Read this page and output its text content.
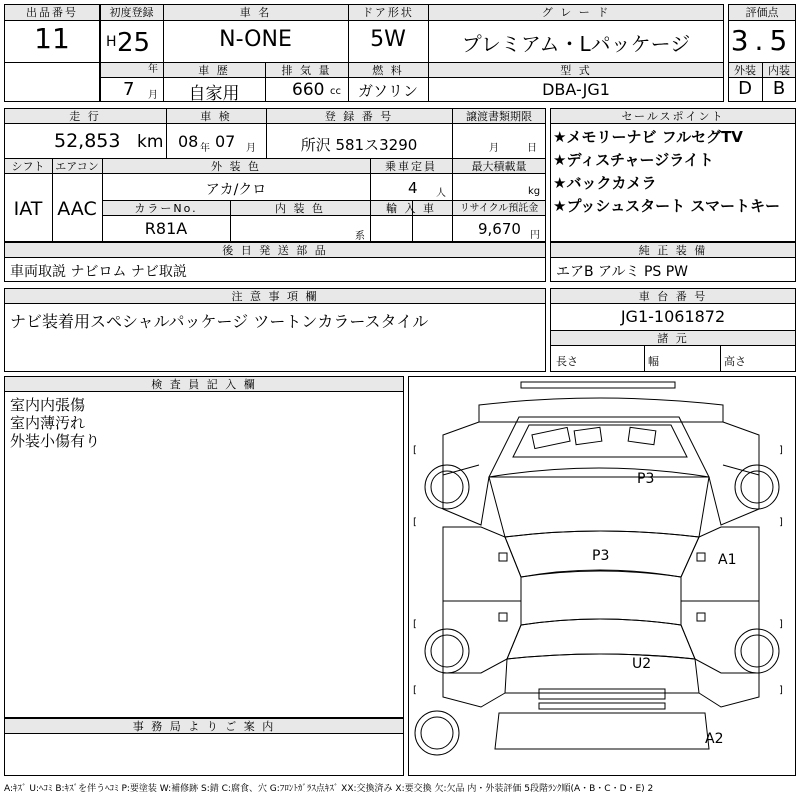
出品番号
11
初度登録
H 25
年
7 月
車 名
N-ONE
ドア形状
5W
グ レ ー ド
プレミアム・Lパッケージ
車 歴
自家用
排 気 量
660 cc
燃 料
ガソリン
型 式
DBA-JG1
評価点
3.5
外装	内装
D	B
走 行
52,853 km
車 検
08 年 07 月
登 録 番 号
所沢 581ス3290
譲渡書類期限
月	日
シフト
IAT
エアコン
AAC
外 装 色
アカ/クロ
乗車定員
4 人
最大積載量
kg
カラーNo.
R81A
内 装 色
系
輸 入 車	リサイクル預託金
9,670 円
セールスポイント
★メモリーナビ フルセグTV
★ディスチャージライト
★バックカメラ
★プッシュスタート スマートキー
後 日 発 送 部 品
車両取説 ナビロム ナビ取説
純 正 装 備
エアB アルミ PS PW
注 意 事 項 欄
ナビ装着用スペシャルパッケージ ツートンカラースタイル
車 台 番 号
JG1-1061872
諸 元
長さ	幅	高さ
検 査 員 記 入 欄
室内内張傷
室内薄汚れ
外装小傷有り
事 務 局 よ り ご 案 内
[	]
[	]
[	]
[	]
P3
P3	A1
U2
A2
A:ｷｽﾞ U:ﾍｺﾐ B:ｷｽﾞを伴うﾍｺﾐ P:要塗装 W:補修跡 S:錆 C:腐食、穴 G:ﾌﾛﾝﾄｶﾞﾗｽ点ｷｽﾞ XX:交換済み X:要交換 欠:欠品 内・外装評価 5段階ﾗﾝｸ順(A・B・C・D・E) 2
